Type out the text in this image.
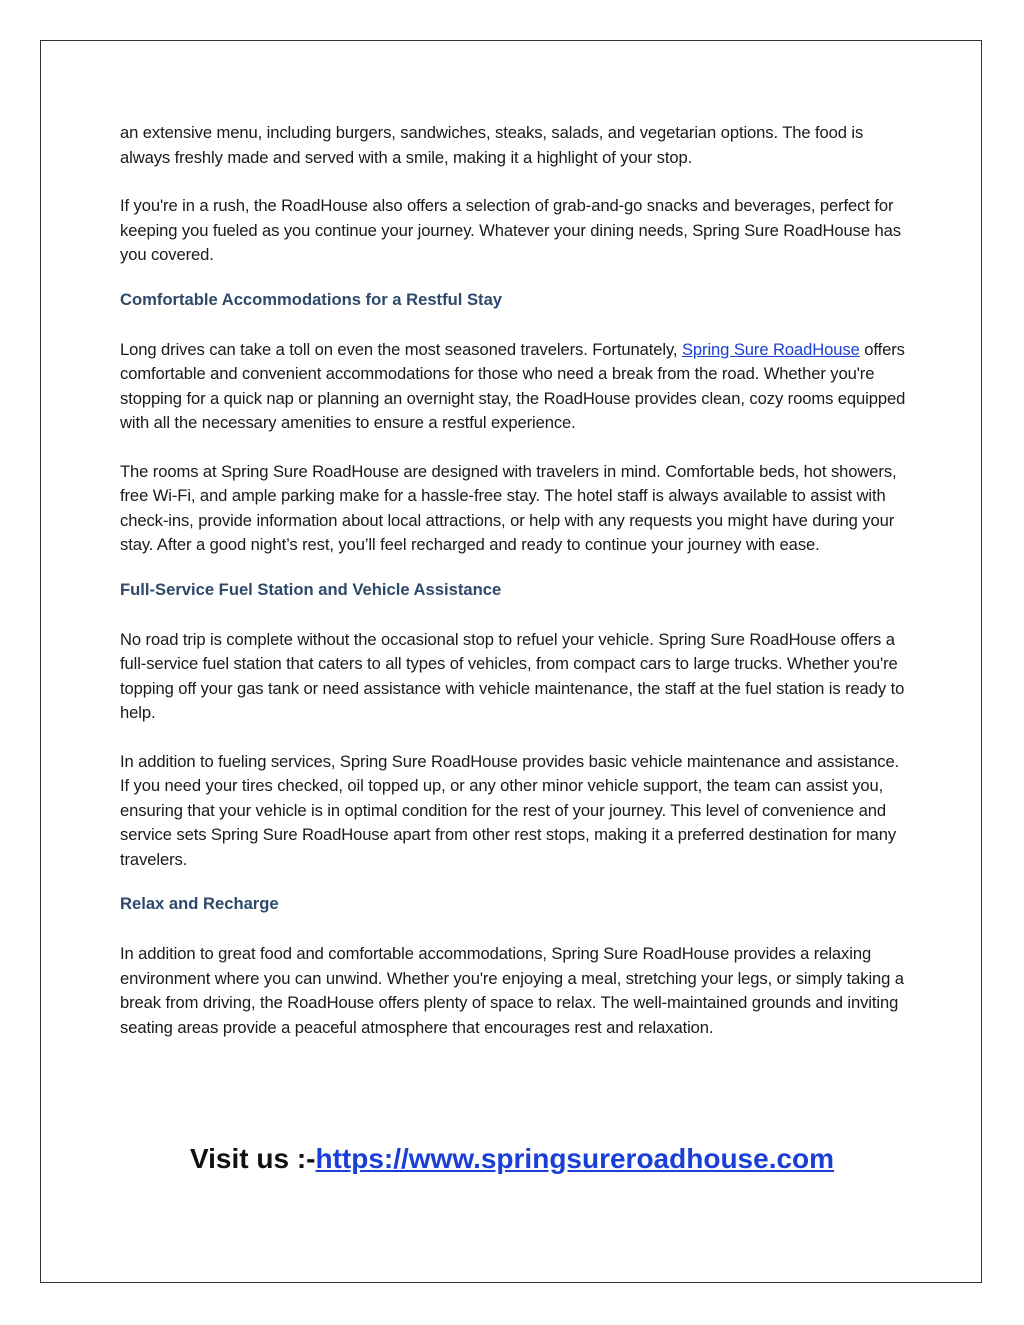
an extensive menu, including burgers, sandwiches, steaks, salads, and vegetarian options. The food is always freshly made and served with a smile, making it a highlight of your stop.

If you're in a rush, the RoadHouse also offers a selection of grab-and-go snacks and beverages, perfect for keeping you fueled as you continue your journey. Whatever your dining needs, Spring Sure RoadHouse has you covered.

Comfortable Accommodations for a Restful Stay

Long drives can take a toll on even the most seasoned travelers. Fortunately, Spring Sure RoadHouse offers comfortable and convenient accommodations for those who need a break from the road. Whether you're stopping for a quick nap or planning an overnight stay, the RoadHouse provides clean, cozy rooms equipped with all the necessary amenities to ensure a restful experience.

The rooms at Spring Sure RoadHouse are designed with travelers in mind. Comfortable beds, hot showers, free Wi-Fi, and ample parking make for a hassle-free stay. The hotel staff is always available to assist with check-ins, provide information about local attractions, or help with any requests you might have during your stay. After a good night’s rest, you’ll feel recharged and ready to continue your journey with ease.

Full-Service Fuel Station and Vehicle Assistance

No road trip is complete without the occasional stop to refuel your vehicle. Spring Sure RoadHouse offers a full-service fuel station that caters to all types of vehicles, from compact cars to large trucks. Whether you're topping off your gas tank or need assistance with vehicle maintenance, the staff at the fuel station is ready to help.

In addition to fueling services, Spring Sure RoadHouse provides basic vehicle maintenance and assistance. If you need your tires checked, oil topped up, or any other minor vehicle support, the team can assist you, ensuring that your vehicle is in optimal condition for the rest of your journey. This level of convenience and service sets Spring Sure RoadHouse apart from other rest stops, making it a preferred destination for many travelers.

Relax and Recharge

In addition to great food and comfortable accommodations, Spring Sure RoadHouse provides a relaxing environment where you can unwind. Whether you're enjoying a meal, stretching your legs, or simply taking a break from driving, the RoadHouse offers plenty of space to relax. The well-maintained grounds and inviting seating areas provide a peaceful atmosphere that encourages rest and relaxation.

Visit us :-https://www.springsureroadhouse.com
